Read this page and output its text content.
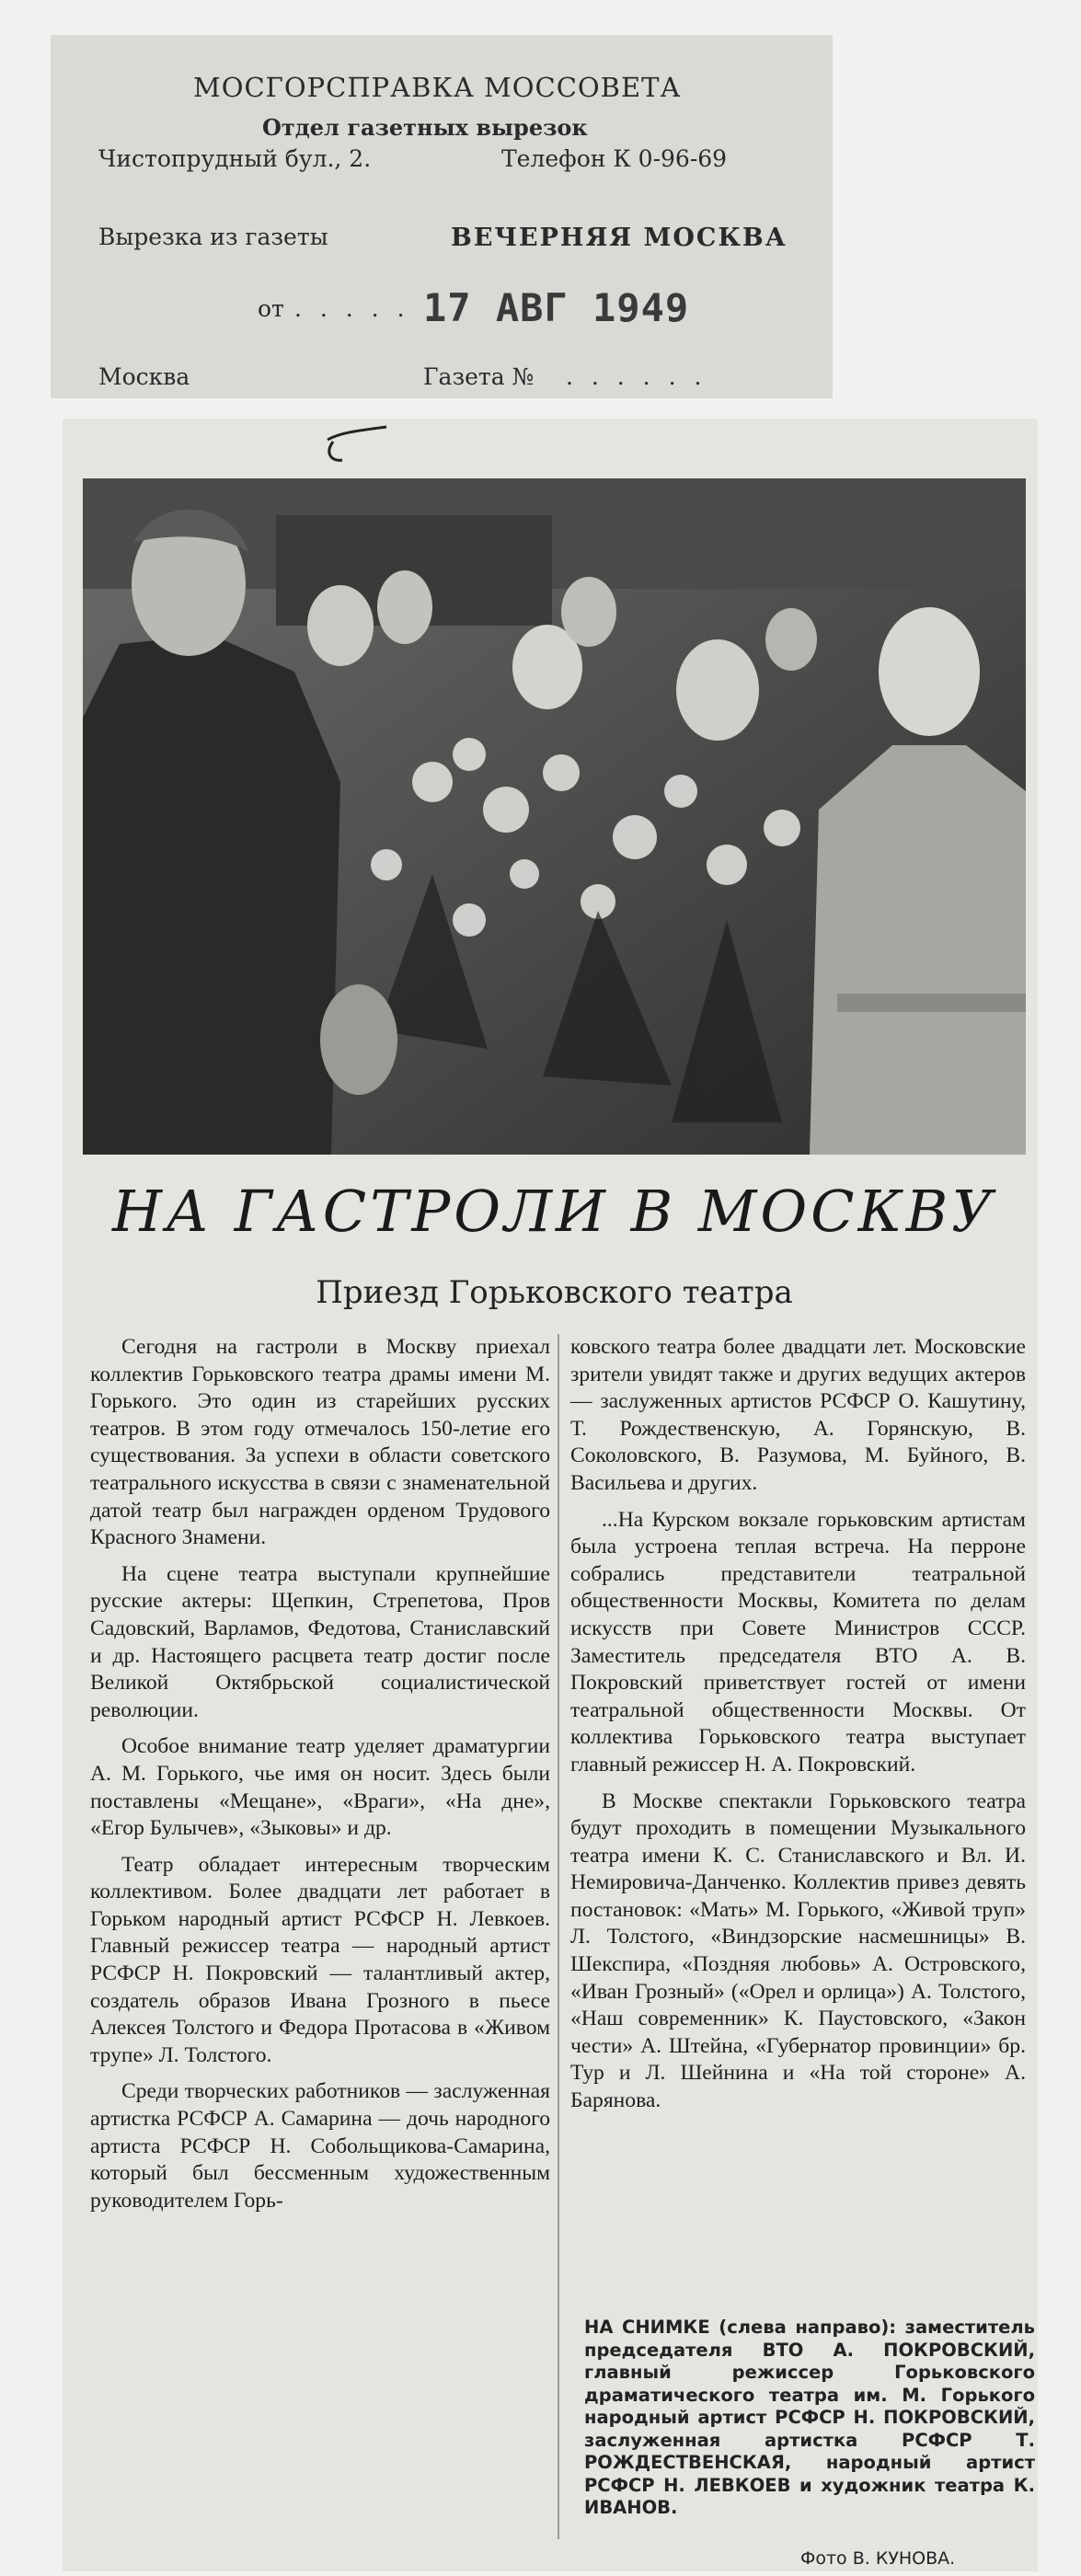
МОСГОРСПРАВКА МОССОВЕТА
Отдел газетных вырезок
Чистопрудный бул., 2.	Телефон К 0-96-69
Вырезка из газеты	ВЕЧЕРНЯЯ МОСКВА
от . . . . . 17 АВГ 1949
Москва	Газета № . . . . . .
НА ГАСТРОЛИ В МОСКВУ
Приезд Горьковского театра

Сегодня на гастроли в Москву приехал коллектив Горьковского театра драмы имени М. Горького. Это один из старейших русских театров. В этом году отмечалось 150-летие его существования. За успехи в области советского театрального искусства в связи с знаменательной датой театр был награжден орденом Трудового Красного Знамени.

На сцене театра выступали крупнейшие русские актеры: Щепкин, Стрепетова, Пров Садовский, Варламов, Федотова, Станиславский и др. Настоящего расцвета театр достиг после Великой Октябрьской социалистической революции.

Особое внимание театр уделяет драматургии А. М. Горького, чье имя он носит. Здесь были поставлены «Мещане», «Враги», «На дне», «Егор Булычев», «Зыковы» и др.

Театр обладает интересным творческим коллективом. Более двадцати лет работает в Горьком народный артист РСФСР Н. Левкоев. Главный режиссер театра — народный артист РСФСР Н. Покровский — талантливый актер, создатель образов Ивана Грозного в пьесе Алексея Толстого и Федора Протасова в «Живом трупе» Л. Толстого.

Среди творческих работников — заслуженная артистка РСФСР А. Самарина — дочь народного артиста РСФСР Н. Собольщикова-Самарина, который был бессменным художественным руководителем Горь-

ковского театра более двадцати лет. Московские зрители увидят также и других ведущих актеров — заслуженных артистов РСФСР О. Кашутину, Т. Рождественскую, А. Горянскую, В. Соколовского, В. Разумова, М. Буйного, В. Васильева и других.

...На Курском вокзале горьковским артистам была устроена теплая встреча. На перроне собрались представители театральной общественности Москвы, Комитета по делам искусств при Совете Министров СССР. Заместитель председателя ВТО А. В. Покровский приветствует гостей от имени театральной общественности Москвы. От коллектива Горьковского театра выступает главный режиссер Н. А. Покровский.

В Москве спектакли Горьковского театра будут проходить в помещении Музыкального театра имени К. С. Станиславского и Вл. И. Немировича-Данченко. Коллектив привез девять постановок: «Мать» М. Горького, «Живой труп» Л. Толстого, «Виндзорские насмешницы» В. Шекспира, «Поздняя любовь» А. Островского, «Иван Грозный» («Орел и орлица») А. Толстого, «Наш современник» К. Паустовского, «Закон чести» А. Штейна, «Губернатор провинции» бр. Тур и Л. Шейнина и «На той стороне» А. Барянова.

НА СНИМКЕ (слева направо): заместитель председателя ВТО А. ПОКРОВСКИЙ, главный режиссер Горьковского драматического театра им. М. Горького народный артист РСФСР Н. ПОКРОВСКИЙ, заслуженная артистка РСФСР Т. РОЖДЕСТВЕНСКАЯ, народный артист РСФСР Н. ЛЕВКОЕВ и художник театра К. ИВАНОВ.
Фото В. КУНОВА.
